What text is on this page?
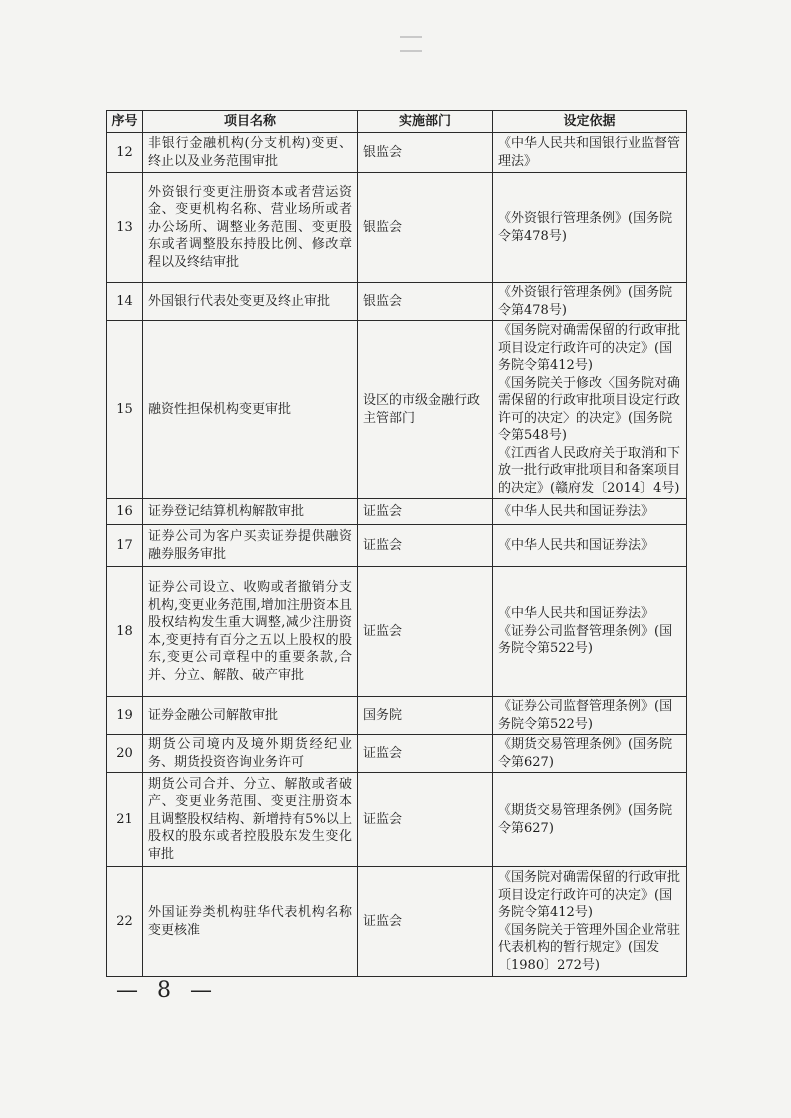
序号	项目名称	实施部门	设定依据
12	非银行金融机构(分支机构)变更、终止以及业务范围审批	银监会	《中华人民共和国银行业监督管理法》

13	外资银行变更注册资本或者营运资金、变更机构名称、营业场所或者办公场所、调整业务范围、变更股东或者调整股东持股比例、修改章程以及终结审批	银监会	《外资银行管理条例》(国务院令第478号)

14	外国银行代表处变更及终止审批	银监会	《外资银行管理条例》(国务院令第478号)

15	融资性担保机构变更审批	设区的市级金融行政主管部门	《国务院对确需保留的行政审批项目设定行政许可的决定》(国务院令第412号)
《国务院关于修改〈国务院对确需保留的行政审批项目设定行政许可的决定〉的决定》(国务院令第548号)
《江西省人民政府关于取消和下放一批行政审批项目和备案项目的决定》(赣府发〔2014〕4号)

16	证券登记结算机构解散审批	证监会	《中华人民共和国证券法》

17	证券公司为客户买卖证券提供融资融券服务审批	证监会	《中华人民共和国证券法》

18	证券公司设立、收购或者撤销分支机构,变更业务范围,增加注册资本且股权结构发生重大调整,减少注册资本,变更持有百分之五以上股权的股东,变更公司章程中的重要条款,合并、分立、解散、破产审批	证监会	《中华人民共和国证券法》
《证券公司监督管理条例》(国务院令第522号)

19	证券金融公司解散审批	国务院	《证券公司监督管理条例》(国务院令第522号)

20	期货公司境内及境外期货经纪业务、期货投资咨询业务许可	证监会	《期货交易管理条例》(国务院令第627)

21	期货公司合并、分立、解散或者破产、变更业务范围、变更注册资本且调整股权结构、新增持有5%以上股权的股东或者控股股东发生变化审批	证监会	《期货交易管理条例》(国务院令第627)

22	外国证券类机构驻华代表机构名称变更核准	证监会	《国务院对确需保留的行政审批项目设定行政许可的决定》(国务院令第412号)
《国务院关于管理外国企业常驻代表机构的暂行规定》(国发〔1980〕272号)
— 8 —
